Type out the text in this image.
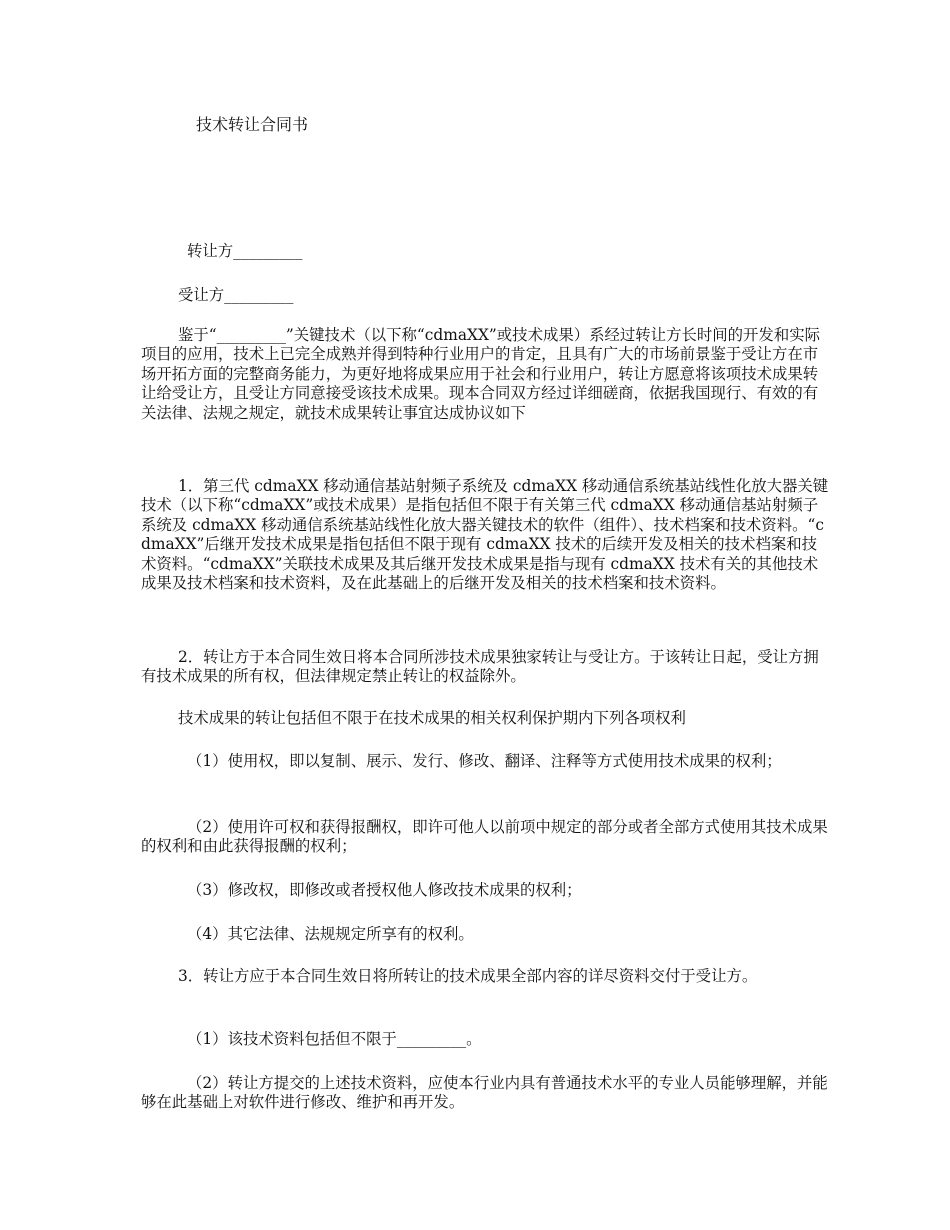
技术转让合同书

转让方_________

受让方_________

鉴于“_________”关键技术（以下称“cdmaXX”或技术成果）系经过转让方长时间的开发和实际项目的应用，技术上已完全成熟并得到特种行业用户的肯定，且具有广大的市场前景鉴于受让方在市场开拓方面的完整商务能力，为更好地将成果应用于社会和行业用户，转让方愿意将该项技术成果转让给受让方，且受让方同意接受该技术成果。现本合同双方经过详细磋商，依据我国现行、有效的有关法律、法规之规定，就技术成果转让事宜达成协议如下

1．第三代 cdmaXX 移动通信基站射频子系统及 cdmaXX 移动通信系统基站线性化放大器关键技术（以下称“cdmaXX”或技术成果）是指包括但不限于有关第三代 cdmaXX 移动通信基站射频子系统及 cdmaXX 移动通信系统基站线性化放大器关键技术的软件（组件）、技术档案和技术资料。“cdmaXX”后继开发技术成果是指包括但不限于现有 cdmaXX 技术的后续开发及相关的技术档案和技术资料。“cdmaXX”关联技术成果及其后继开发技术成果是指与现有 cdmaXX 技术有关的其他技术成果及技术档案和技术资料，及在此基础上的后继开发及相关的技术档案和技术资料。

2．转让方于本合同生效日将本合同所涉技术成果独家转让与受让方。于该转让日起，受让方拥有技术成果的所有权，但法律规定禁止转让的权益除外。

技术成果的转让包括但不限于在技术成果的相关权利保护期内下列各项权利

（1）使用权，即以复制、展示、发行、修改、翻译、注释等方式使用技术成果的权利；

（2）使用许可权和获得报酬权，即许可他人以前项中规定的部分或者全部方式使用其技术成果的权利和由此获得报酬的权利；

（3）修改权，即修改或者授权他人修改技术成果的权利；

（4）其它法律、法规规定所享有的权利。

3．转让方应于本合同生效日将所转让的技术成果全部内容的详尽资料交付于受让方。

（1）该技术资料包括但不限于_________。

（2）转让方提交的上述技术资料，应使本行业内具有普通技术水平的专业人员能够理解，并能够在此基础上对软件进行修改、维护和再开发。
